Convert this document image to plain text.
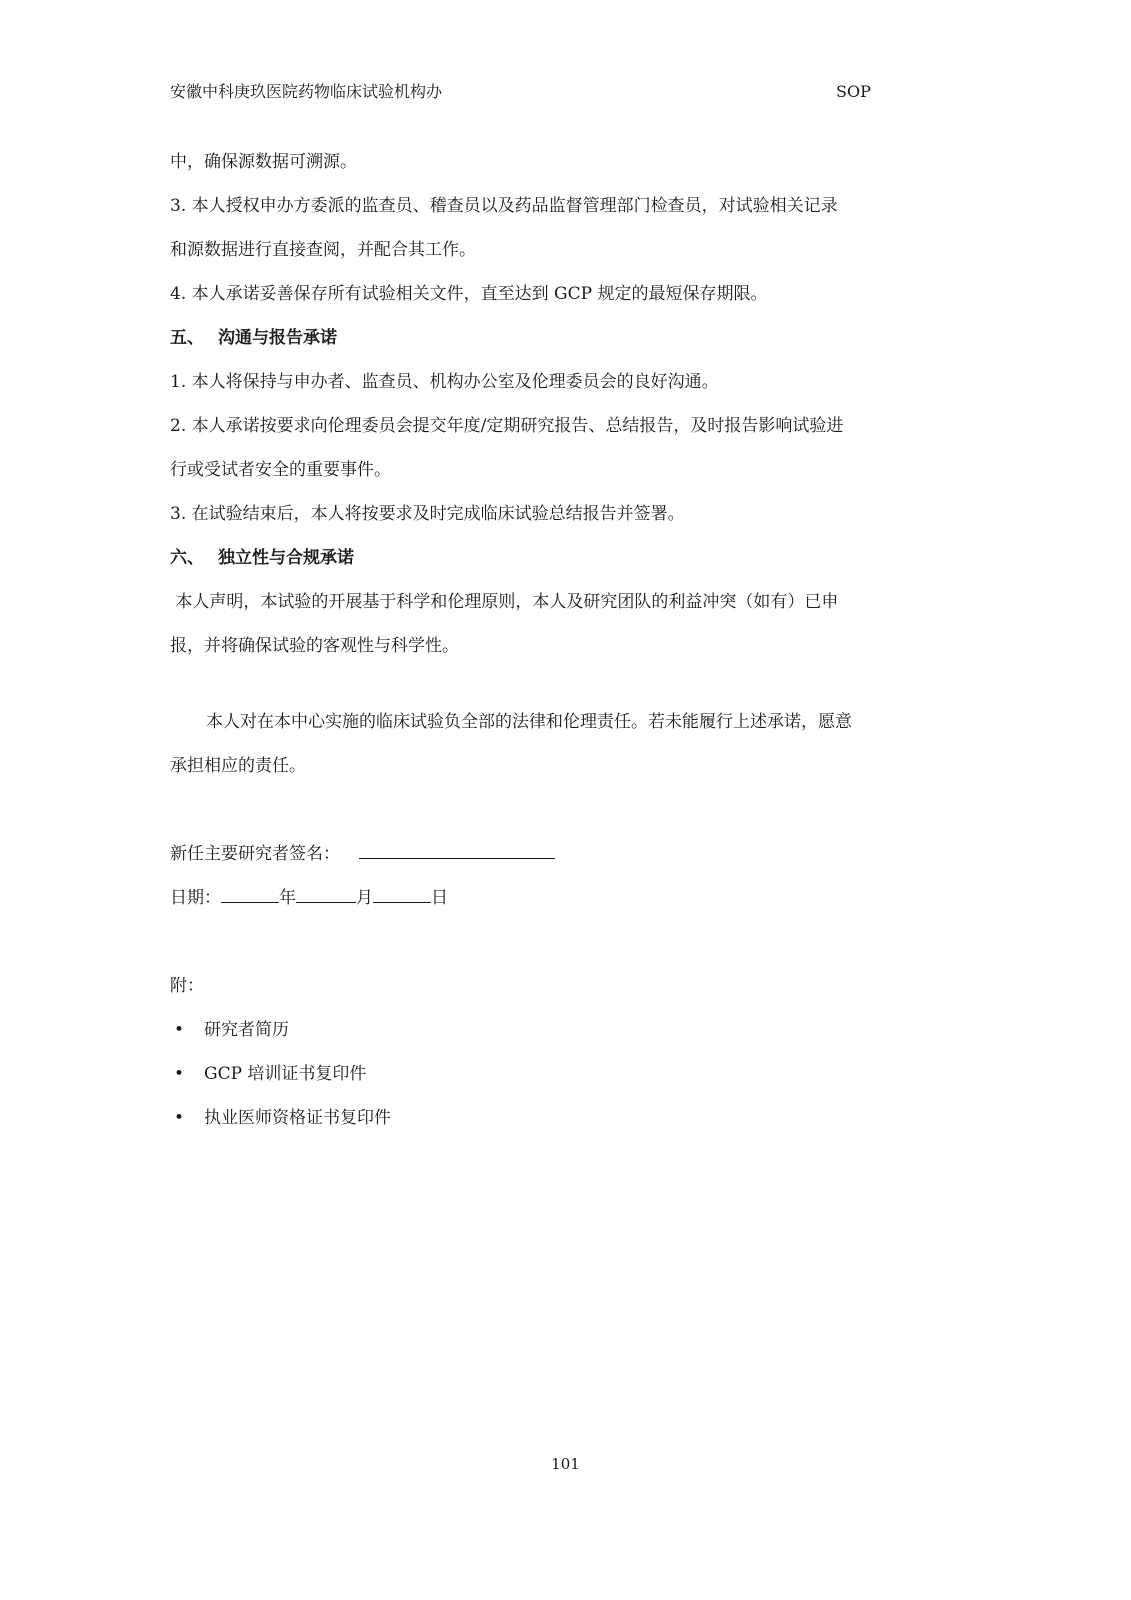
安徽中科庚玖医院药物临床试验机构办	SOP
中，确保源数据可溯源。
3. 本人授权申办方委派的监查员、稽查员以及药品监督管理部门检查员，对试验相关记录
和源数据进行直接查阅，并配合其工作。
4. 本人承诺妥善保存所有试验相关文件，直至达到 GCP 规定的最短保存期限。
五、 沟通与报告承诺
1. 本人将保持与申办者、监查员、机构办公室及伦理委员会的良好沟通。
2. 本人承诺按要求向伦理委员会提交年度/定期研究报告、总结报告，及时报告影响试验进
行或受试者安全的重要事件。
3. 在试验结束后，本人将按要求及时完成临床试验总结报告并签署。
六、 独立性与合规承诺
本人声明，本试验的开展基于科学和伦理原则，本人及研究团队的利益冲突（如有）已申
报，并将确保试验的客观性与科学性。
本人对在本中心实施的临床试验负全部的法律和伦理责任。若未能履行上述承诺，愿意
承担相应的责任。
新任主要研究者签名：
日期：	年	月	日
附：
• 研究者简历
• GCP 培训证书复印件
• 执业医师资格证书复印件
101
